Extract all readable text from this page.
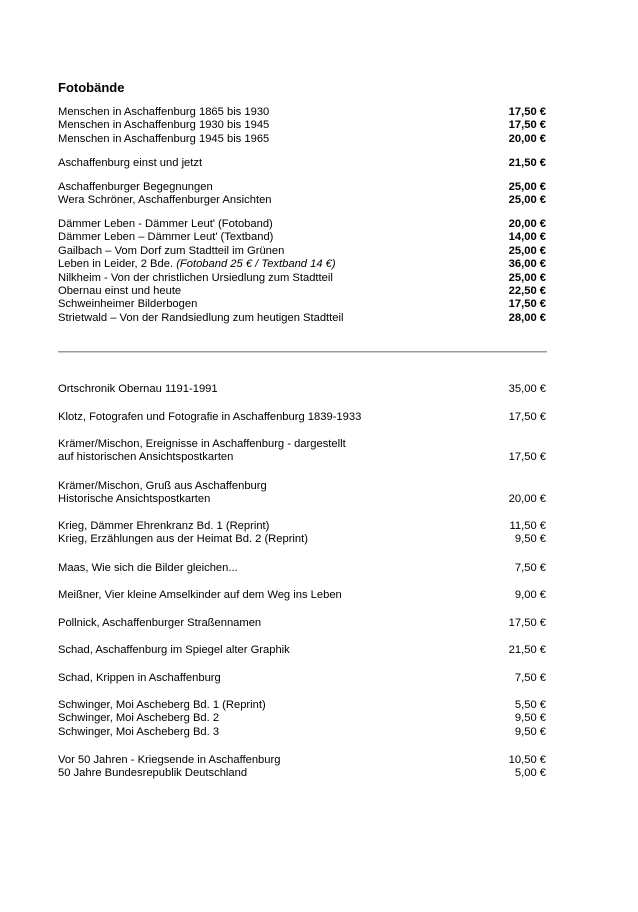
Fotobände
Menschen in Aschaffenburg 1865 bis 1930	17,50 €
Menschen in Aschaffenburg 1930 bis 1945	17,50 €
Menschen in Aschaffenburg 1945 bis 1965	20,00 €
Aschaffenburg einst und jetzt	21,50 €
Aschaffenburger Begegnungen	25,00 €
Wera Schröner, Aschaffenburger Ansichten	25,00 €
Dämmer Leben - Dämmer Leut' (Fotoband)	20,00 €
Dämmer Leben – Dämmer Leut' (Textband)	14,00 €
Gailbach – Vom Dorf zum Stadtteil im Grünen	25,00 €
Leben in Leider, 2 Bde. (Fotoband 25 € / Textband 14 €)	36,00 €
Nilkheim - Von der christlichen Ursiedlung zum Stadtteil	25,00 €
Obernau einst und heute	22,50 €
Schweinheimer Bilderbogen	17,50 €
Strietwald – Von der Randsiedlung zum heutigen Stadtteil	28,00 €
Ortschronik Obernau 1191-1991	35,00 €
Klotz, Fotografen und Fotografie in Aschaffenburg 1839-1933	17,50 €
Krämer/Mischon, Ereignisse in Aschaffenburg - dargestellt
auf historischen Ansichtspostkarten	17,50 €
Krämer/Mischon, Gruß aus Aschaffenburg
Historische Ansichtspostkarten	20,00 €
Krieg, Dämmer Ehrenkranz Bd. 1 (Reprint)	11,50 €
Krieg, Erzählungen aus der Heimat Bd. 2 (Reprint)	9,50 €
Maas, Wie sich die Bilder gleichen...	7,50 €
Meißner, Vier kleine Amselkinder auf dem Weg ins Leben	9,00 €
Pollnick, Aschaffenburger Straßennamen	17,50 €
Schad, Aschaffenburg im Spiegel alter Graphik	21,50 €
Schad, Krippen in Aschaffenburg	7,50 €
Schwinger, Moi Ascheberg Bd. 1 (Reprint)	5,50 €
Schwinger, Moi Ascheberg Bd. 2	9,50 €
Schwinger, Moi Ascheberg Bd. 3	9,50 €
Vor 50 Jahren - Kriegsende in Aschaffenburg	10,50 €
50 Jahre Bundesrepublik Deutschland	5,00 €
